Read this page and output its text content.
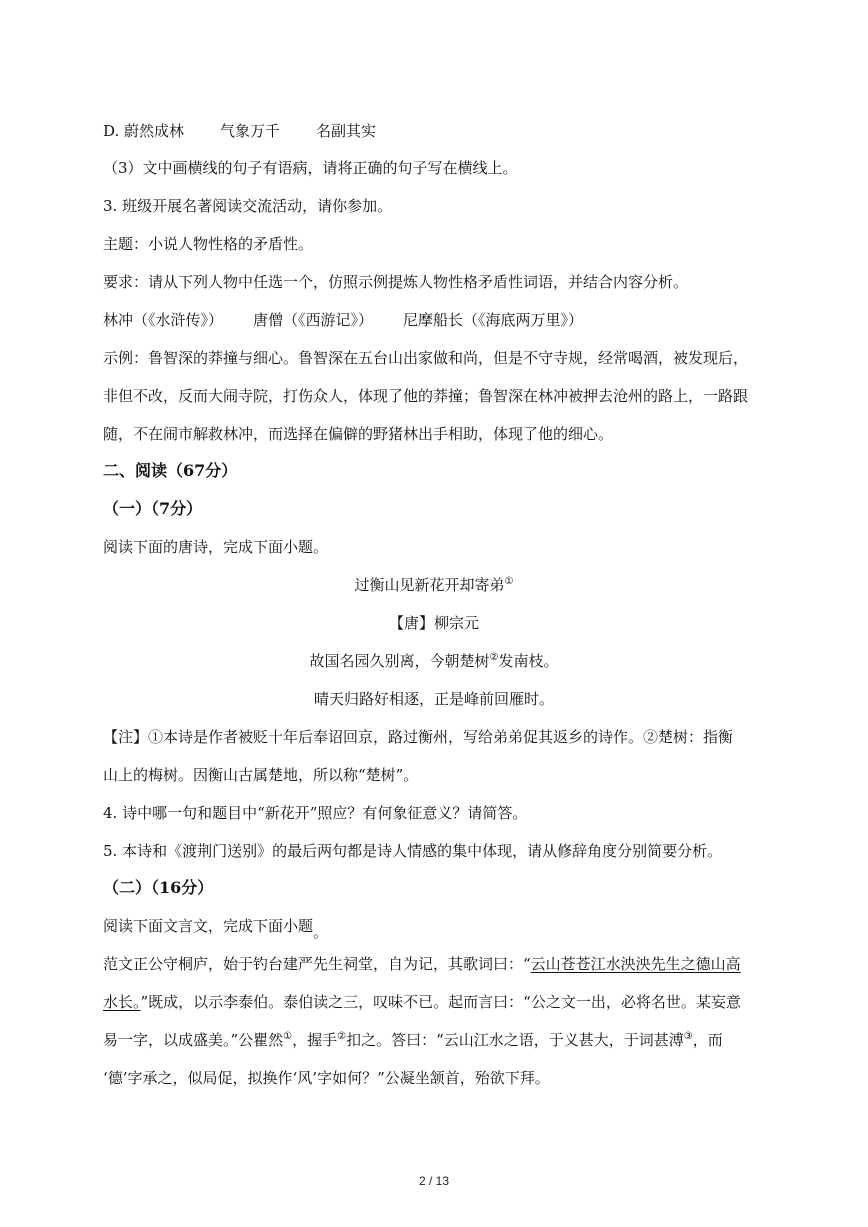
D. 蔚然成林 气象万千 名副其实
（3）文中画横线的句子有语病，请将正确的句子写在横线上。
3. 班级开展名著阅读交流活动，请你参加。
主题：小说人物性格的矛盾性。
要求：请从下列人物中任选一个，仿照示例提炼人物性格矛盾性词语，并结合内容分析。
林冲（《水浒传》） 唐僧（《西游记》） 尼摩船长（《海底两万里》）
示例：鲁智深的莽撞与细心。鲁智深在五台山出家做和尚，但是不守寺规，经常喝酒，被发现后，
非但不改，反而大闹寺院，打伤众人，体现了他的莽撞；鲁智深在林冲被押去沧州的路上，一路跟
随，不在闹市解救林冲，而选择在偏僻的野猪林出手相助，体现了他的细心。
二、阅读（67分）
（一）（7分）
阅读下面的唐诗，完成下面小题。
过衡山见新花开却寄弟①
【唐】柳宗元
故国名园久别离，今朝楚树②发南枝。
晴天归路好相逐，正是峰前回雁时。
【注】①本诗是作者被贬十年后奉诏回京，路过衡州，写给弟弟促其返乡的诗作。②楚树：指衡
山上的梅树。因衡山古属楚地，所以称“楚树”。
4. 诗中哪一句和题目中“新花开”照应？有何象征意义？请简答。
5. 本诗和《渡荆门送别》的最后两句都是诗人情感的集中体现，请从修辞角度分别简要分析。
（二）（16分）
阅读下面文言文，完成下面小题。
范文正公守桐庐，始于钓台建严先生祠堂，自为记，其歌词曰：“云山苍苍江水泱泱先生之德山高
水长。”既成，以示李泰伯。泰伯读之三，叹味不已。起而言曰：“公之文一出，必将名世。某妄意
易一字，以成盛美。”公瞿然①，握手②扣之。答曰：“云山江水之语，于义甚大，于词甚溥③，而
‘德’字承之，似局促，拟换作‘风’字如何？”公凝坐颔首，殆欲下拜。
2 / 13
